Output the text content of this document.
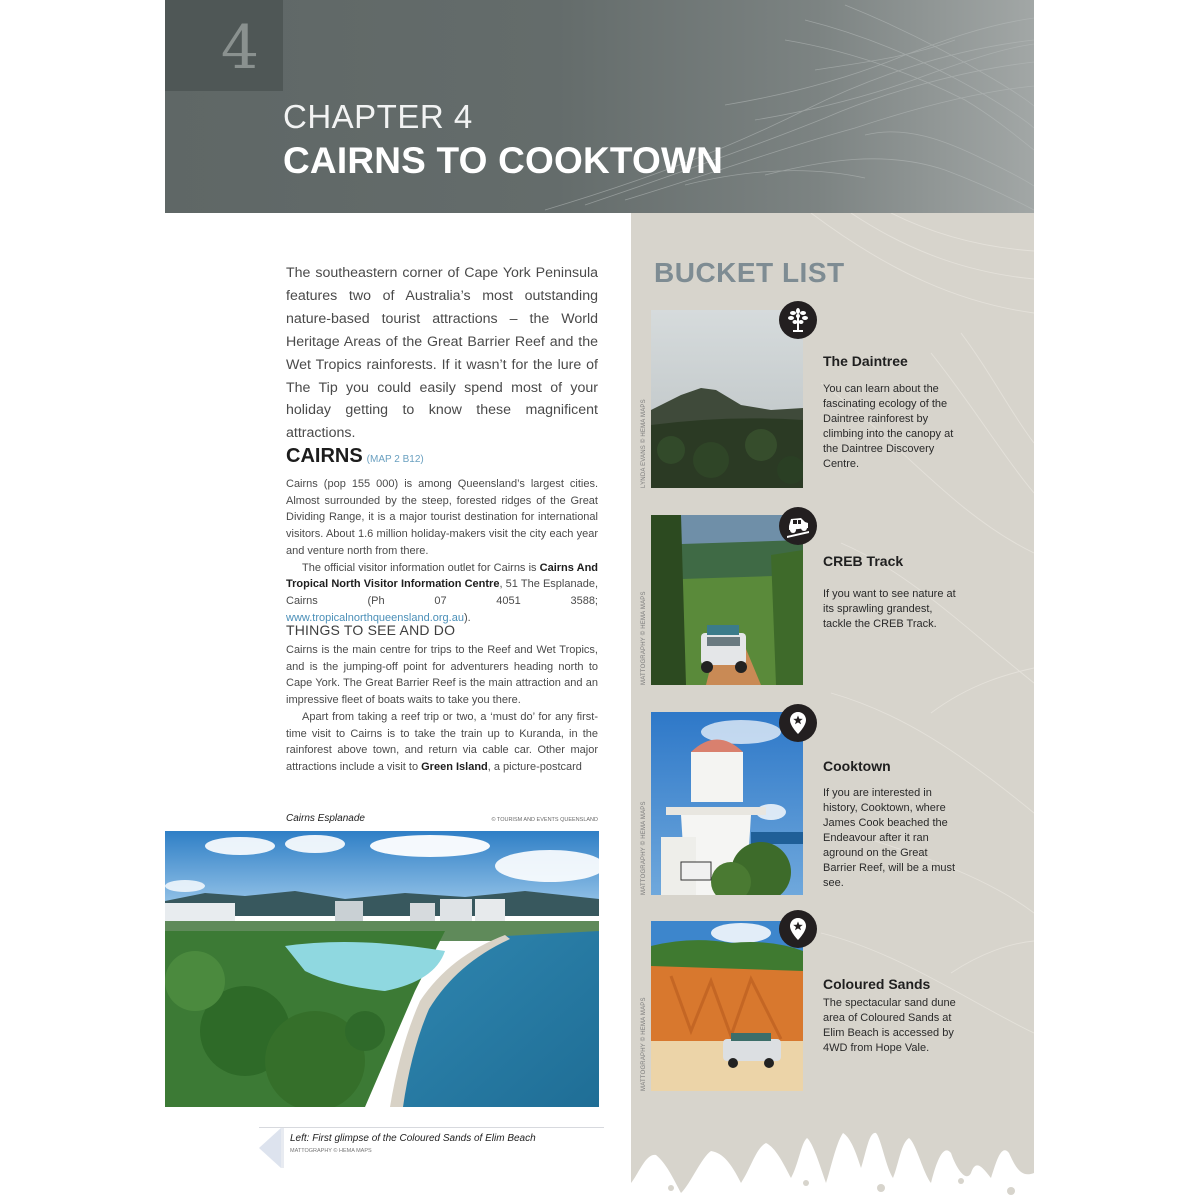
4
CHAPTER 4
CAIRNS TO COOKTOWN
The southeastern corner of Cape York Peninsula features two of Australia’s most outstanding nature-based tourist attractions – the World Heritage Areas of the Great Barrier Reef and the Wet Tropics rainforests. If it wasn’t for the lure of The Tip you could easily spend most of your holiday getting to know these magnificent attractions.
CAIRNS (MAP 2 B12)

Cairns (pop 155 000) is among Queensland’s largest cities. Almost surrounded by the steep, forested ridges of the Great Dividing Range, it is a major tourist destination for international visitors. About 1.6 million holiday-makers visit the city each year and venture north from there.

The official visitor information outlet for Cairns is Cairns And Tropical North Visitor Information Centre, 51 The Esplanade, Cairns (Ph 07 4051 3588; www.tropicalnorthqueensland.org.au).

THINGS TO SEE AND DO

Cairns is the main centre for trips to the Reef and Wet Tropics, and is the jumping-off point for adventurers heading north to Cape York. The Great Barrier Reef is the main attraction and an impressive fleet of boats waits to take you there.

Apart from taking a reef trip or two, a ‘must do’ for any first-time visit to Cairns is to take the train up to Kuranda, in the rainforest above town, and return via cable car. Other major attractions include a visit to Green Island, a picture-postcard

Cairns Esplanade	© TOURISM AND EVENTS QUEENSLAND
Left: First glimpse of the Coloured Sands of Elim Beach
MATTOGRAPHY © HEMA MAPS
BUCKET LIST
LYNDA EVANS © HEMA MAPS
The Daintree
You can learn about the fascinating ecology of the Daintree rainforest by climbing into the canopy at the Daintree Discovery Centre.
MATTOGRAPHY © HEMA MAPS
CREB Track
If you want to see nature at its sprawling grandest, tackle the CREB Track.
MATTOGRAPHY © HEMA MAPS
Cooktown
If you are interested in history, Cooktown, where James Cook beached the Endeavour after it ran aground on the Great Barrier Reef, will be a must see.
MATTOGRAPHY © HEMA MAPS
Coloured Sands
The spectacular sand dune area of Coloured Sands at Elim Beach is accessed by 4WD from Hope Vale.
